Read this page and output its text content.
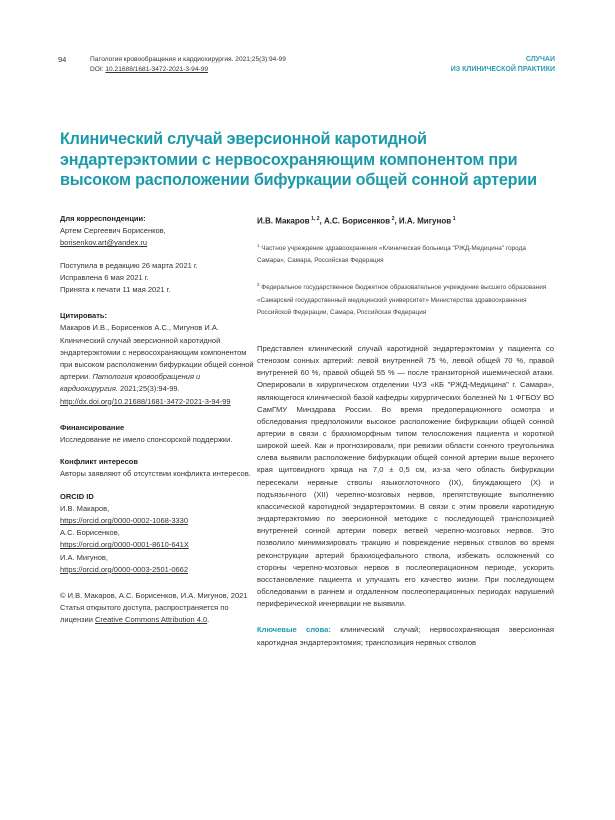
94	Патология кровообращения и кардиохирургия. 2021;25(3):94-99
DOI: 10.21688/1681-3472-2021-3-94-99
СЛУЧАИ
ИЗ КЛИНИЧЕСКОЙ ПРАКТИКИ
Клинический случай эверсионной каротидной эндартерэктомии с нервосохраняющим компонентом при высоком расположении бифуркации общей сонной артерии

Для корреспонденции:

Артем Сергеевич Борисенков,

borisenkov.art@yandex.ru

Поступила в редакцию 26 марта 2021 г.

Исправлена 6 мая 2021 г.

Принята к печати 11 мая 2021 г.

Цитировать:

Макаров И.В., Борисенков А.С., Мигунов И.А. Клинический случай эверсионной каротидной эндартерэктомии с нервосохраняющим компонентом при высоком расположении бифуркации общей сонной артерии. Патология кровообращения и кардиохирургия. 2021;25(3):94-99.

http://dx.doi.org/10.21688/1681-3472-2021-3-94-99

Финансирование

Исследование не имело спонсорской поддержки.

Конфликт интересов

Авторы заявляют об отсутствии конфликта интересов.

ORCID ID

И.В. Макаров,

https://orcid.org/0000-0002-1068-3330

А.С. Борисенков,

https://orcid.org/0000-0001-8610-641X

И.А. Мигунов,

https://orcid.org/0000-0003-2501-0662

© И.В. Макаров, А.С. Борисенков, И.А. Мигунов, 2021

Статья открытого доступа, распространяется по лицензии Creative Commons Attribution 4.0.

И.В. Макаров  $^{1, 2}$, А.С. Борисенков  $^2$, И.А. Мигунов  $^1$
$^1$ Частное учреждение здравоохранения «Клиническая больница "РЖД-Медицина" города Самара», Самара, Российская Федерация
$^2$ Федеральное государственное бюджетное образовательное учреждение высшего образования «Самарский государственный медицинский университет» Министерства здравоохранения Российской Федерации, Самара, Российская Федерация
Представлен клинический случай каротидной эндартерэктомии у пациента со стенозом сонных артерий: левой внутренней 75 %, левой общей 70 %, правой внутренней 60 %, правой общей 55 % — после транзиторной ишемической атаки. Оперировали в хирургическом отделении ЧУЗ «КБ "РЖД-Медицина" г. Самара», являющегося клинической базой кафедры хирургических болезней № 1 ФГБОУ ВО СамГМУ Минздрава России. Во время предоперационного осмотра и обследования предположили высокое расположение бифуркации общей сонной артерии в связи с брахиоморфным типом телосложения пациента и короткой широкой шеей. Как и прогнозировали, при ревизии области сонного треугольника слева выявили расположение бифуркации общей сонной артерии выше верхнего края щитовидного хряща на 7,0 ± 0,5 см, из-за чего область бифуркации пересекали нервные стволы языкоглоточного (IX), блуждающего (X) и подъязычного (XII) черепно-мозговых нервов, препятствующие выполнению классической каротидной эндартерэктомии. В связи с этим провели каротидную эндартерэктомию по эверсионной методике с последующей транспозицией внутренней сонной артерии поверх ветвей черепно-мозговых нервов. Это позволило минимизировать тракцию и повреждение нервных стволов во время реконструкции артерий брахиоцефального ствола, избежать осложнений со стороны черепно-мозговых нервов в послеоперационном периоде, ускорить восстановление пациента и улучшить его качество жизни. При последующем обследовании в раннем и отдаленном послеоперационных периодах нарушений периферической иннервации не выявили.
Ключевые слова: клинический случай; нервосохраняющая эверсионная каротидная эндартерэктомия; транспозиция нервных стволов
